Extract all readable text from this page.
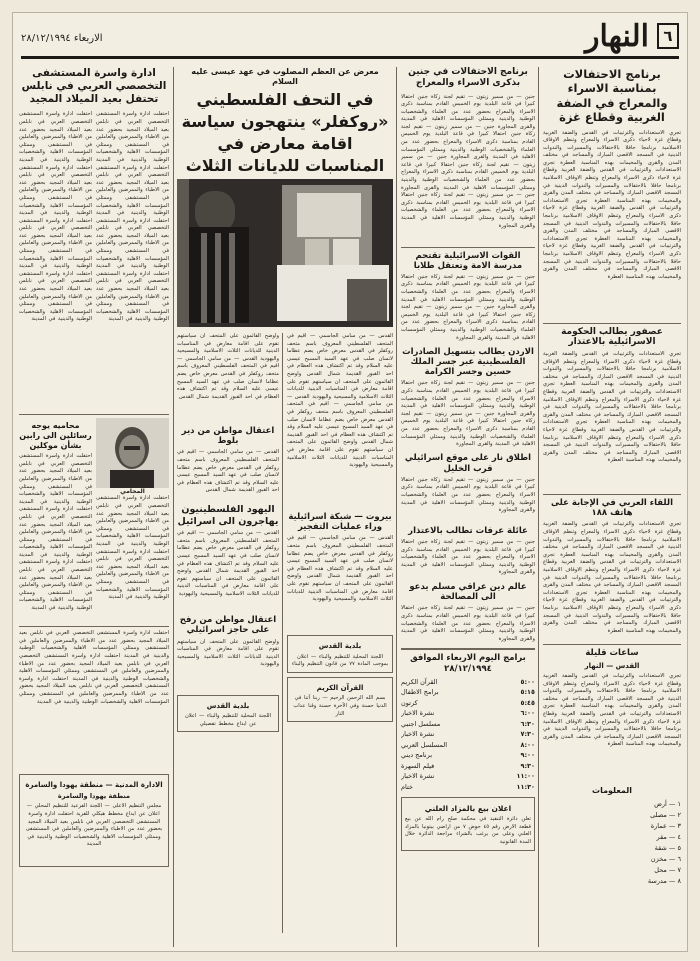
٦
النهار
الاربعاء ٢٨/١٢/١٩٩٤
برنامج الاحتفالات بمناسبة الاسراء والمعراج في الضفة الغربية وقطاع غزة
تجري الاستعدادات والترتيبات في القدس والضفة الغربية وقطاع غزة لاحياء ذكرى الاسراء والمعراج وتنظم الاوقاف الاسلامية برنامجا حافلا بالاحتفالات والمسيرات والندوات الدينية في المسجد الاقصى المبارك والمساجد في مختلف المدن والقرى والمخيمات بهذه المناسبة العطرة تجري الاستعدادات والترتيبات في القدس والضفة الغربية وقطاع غزة لاحياء ذكرى الاسراء والمعراج وتنظم الاوقاف الاسلامية برنامجا حافلا بالاحتفالات والمسيرات والندوات الدينية في المسجد الاقصى المبارك والمساجد في مختلف المدن والقرى والمخيمات بهذه المناسبة العطرة تجري الاستعدادات والترتيبات في القدس والضفة الغربية وقطاع غزة لاحياء ذكرى الاسراء والمعراج وتنظم الاوقاف الاسلامية برنامجا حافلا بالاحتفالات والمسيرات والندوات الدينية في المسجد الاقصى المبارك والمساجد في مختلف المدن والقرى والمخيمات بهذه المناسبة العطرة تجري الاستعدادات والترتيبات في القدس والضفة الغربية وقطاع غزة لاحياء ذكرى الاسراء والمعراج وتنظم الاوقاف الاسلامية برنامجا حافلا بالاحتفالات والمسيرات والندوات الدينية في المسجد الاقصى المبارك والمساجد في مختلف المدن والقرى والمخيمات بهذه المناسبة العطرة
عصفور يطالب الحكومة الاسرائيلية بالاعتذار
تجري الاستعدادات والترتيبات في القدس والضفة الغربية وقطاع غزة لاحياء ذكرى الاسراء والمعراج وتنظم الاوقاف الاسلامية برنامجا حافلا بالاحتفالات والمسيرات والندوات الدينية في المسجد الاقصى المبارك والمساجد في مختلف المدن والقرى والمخيمات بهذه المناسبة العطرة تجري الاستعدادات والترتيبات في القدس والضفة الغربية وقطاع غزة لاحياء ذكرى الاسراء والمعراج وتنظم الاوقاف الاسلامية برنامجا حافلا بالاحتفالات والمسيرات والندوات الدينية في المسجد الاقصى المبارك والمساجد في مختلف المدن والقرى والمخيمات بهذه المناسبة العطرة تجري الاستعدادات والترتيبات في القدس والضفة الغربية وقطاع غزة لاحياء ذكرى الاسراء والمعراج وتنظم الاوقاف الاسلامية برنامجا حافلا بالاحتفالات والمسيرات والندوات الدينية في المسجد الاقصى المبارك والمساجد في مختلف المدن والقرى والمخيمات بهذه المناسبة العطرة
اللقاء العربي في الإجابة على هاتف ١٨٨
تجري الاستعدادات والترتيبات في القدس والضفة الغربية وقطاع غزة لاحياء ذكرى الاسراء والمعراج وتنظم الاوقاف الاسلامية برنامجا حافلا بالاحتفالات والمسيرات والندوات الدينية في المسجد الاقصى المبارك والمساجد في مختلف المدن والقرى والمخيمات بهذه المناسبة العطرة تجري الاستعدادات والترتيبات في القدس والضفة الغربية وقطاع غزة لاحياء ذكرى الاسراء والمعراج وتنظم الاوقاف الاسلامية برنامجا حافلا بالاحتفالات والمسيرات والندوات الدينية في المسجد الاقصى المبارك والمساجد في مختلف المدن والقرى والمخيمات بهذه المناسبة العطرة تجري الاستعدادات والترتيبات في القدس والضفة الغربية وقطاع غزة لاحياء ذكرى الاسراء والمعراج وتنظم الاوقاف الاسلامية برنامجا حافلا بالاحتفالات والمسيرات والندوات الدينية في المسجد الاقصى المبارك والمساجد في مختلف المدن والقرى والمخيمات بهذه المناسبة العطرة
ساعات قليلة
القدس — النهار
تجري الاستعدادات والترتيبات في القدس والضفة الغربية وقطاع غزة لاحياء ذكرى الاسراء والمعراج وتنظم الاوقاف الاسلامية برنامجا حافلا بالاحتفالات والمسيرات والندوات الدينية في المسجد الاقصى المبارك والمساجد في مختلف المدن والقرى والمخيمات بهذه المناسبة العطرة تجري الاستعدادات والترتيبات في القدس والضفة الغربية وقطاع غزة لاحياء ذكرى الاسراء والمعراج وتنظم الاوقاف الاسلامية برنامجا حافلا بالاحتفالات والمسيرات والندوات الدينية في المسجد الاقصى المبارك والمساجد في مختلف المدن والقرى والمخيمات بهذه المناسبة العطرة
المعلومات
١ — أرض
٢ — مصلى
٣ — عمارة
٤ — مقر
٥ — شقة
٦ — مخزن
٧ — محل
٨ — مدرسة
برنامج الاحتفالات في جنين بذكرى الاسراء والمعراج
جنين — من سمير زيتون — تقيم لجنة زكاة جنين احتفالا كبيرا في قاعة البلدية يوم الخميس القادم بمناسبة ذكرى الاسراء والمعراج بحضور عدد من العلماء والشخصيات الوطنية والدينية وممثلي المؤسسات الاهلية في المدينة والقرى المجاورة جنين — من سمير زيتون — تقيم لجنة زكاة جنين احتفالا كبيرا في قاعة البلدية يوم الخميس القادم بمناسبة ذكرى الاسراء والمعراج بحضور عدد من العلماء والشخصيات الوطنية والدينية وممثلي المؤسسات الاهلية في المدينة والقرى المجاورة جنين — من سمير زيتون — تقيم لجنة زكاة جنين احتفالا كبيرا في قاعة البلدية يوم الخميس القادم بمناسبة ذكرى الاسراء والمعراج بحضور عدد من العلماء والشخصيات الوطنية والدينية وممثلي المؤسسات الاهلية في المدينة والقرى المجاورة جنين — من سمير زيتون — تقيم لجنة زكاة جنين احتفالا كبيرا في قاعة البلدية يوم الخميس القادم بمناسبة ذكرى الاسراء والمعراج بحضور عدد من العلماء والشخصيات الوطنية والدينية وممثلي المؤسسات الاهلية في المدينة والقرى المجاورة
القوات الاسرائيلية تقتحم مدرسة الامة وتعتقل طلابا
جنين — من سمير زيتون — تقيم لجنة زكاة جنين احتفالا كبيرا في قاعة البلدية يوم الخميس القادم بمناسبة ذكرى الاسراء والمعراج بحضور عدد من العلماء والشخصيات الوطنية والدينية وممثلي المؤسسات الاهلية في المدينة والقرى المجاورة جنين — من سمير زيتون — تقيم لجنة زكاة جنين احتفالا كبيرا في قاعة البلدية يوم الخميس القادم بمناسبة ذكرى الاسراء والمعراج بحضور عدد من العلماء والشخصيات الوطنية والدينية وممثلي المؤسسات الاهلية في المدينة والقرى المجاورة
الاردن يطالب بتسهيل الصادرات الفلسطينية عبر جسر الملك حسين وجسر الكرامة
جنين — من سمير زيتون — تقيم لجنة زكاة جنين احتفالا كبيرا في قاعة البلدية يوم الخميس القادم بمناسبة ذكرى الاسراء والمعراج بحضور عدد من العلماء والشخصيات الوطنية والدينية وممثلي المؤسسات الاهلية في المدينة والقرى المجاورة جنين — من سمير زيتون — تقيم لجنة زكاة جنين احتفالا كبيرا في قاعة البلدية يوم الخميس القادم بمناسبة ذكرى الاسراء والمعراج بحضور عدد من العلماء والشخصيات الوطنية والدينية وممثلي المؤسسات الاهلية في المدينة والقرى المجاورة
اطلاق نار على موقع اسرائيلي قرب الخليل
جنين — من سمير زيتون — تقيم لجنة زكاة جنين احتفالا كبيرا في قاعة البلدية يوم الخميس القادم بمناسبة ذكرى الاسراء والمعراج بحضور عدد من العلماء والشخصيات الوطنية والدينية وممثلي المؤسسات الاهلية في المدينة والقرى المجاورة
عائلة عرفات تطالب بالاعتذار
جنين — من سمير زيتون — تقيم لجنة زكاة جنين احتفالا كبيرا في قاعة البلدية يوم الخميس القادم بمناسبة ذكرى الاسراء والمعراج بحضور عدد من العلماء والشخصيات الوطنية والدينية وممثلي المؤسسات الاهلية في المدينة والقرى المجاورة
عالم دين عراقي مسلم يدعو الى المصالحة
جنين — من سمير زيتون — تقيم لجنة زكاة جنين احتفالا كبيرا في قاعة البلدية يوم الخميس القادم بمناسبة ذكرى الاسراء والمعراج بحضور عدد من العلماء والشخصيات الوطنية والدينية وممثلي المؤسسات الاهلية في المدينة والقرى المجاورة
برامج اليوم الاربعاء الموافق ٢٨/١٢/١٩٩٤
٥:٠٠
القرآن الكريم
٥:١٥
برامج الاطفال
٥:٤٥
كرتون
٦:٠٠
نشرة الاخبار
٦:٣٠
مسلسل اجنبي
٧:٣٠
نشرة الاخبار
٨:٠٠
المسلسل العربي
٩:٠٠
برنامج ديني
٩:٣٠
فيلم السهرة
١١:٠٠
نشرة الاخبار
١١:٣٠
ختام
اعلان بيع بالمزاد العلني
تعلن دائرة التنفيذ في محكمة صلح رام الله عن بيع قطعة الارض رقم ٤٥ حوض ٧ من اراضي بيتونيا بالمزاد العلني وعلى من يرغب بالشراء مراجعة الدائرة خلال المدة القانونية
معرض عن العظم المصلوب في عهد عيسى عليه السلام
في التحف الفلسطيني «روكفلر» ينتهجون سياسة اقامة معارض في المناسبات للديانات الثلاث
القدس — من سامي الجاسمي — اقيم في المتحف الفلسطيني المعروف باسم متحف روكفلر في القدس معرض خاص يضم عظاما لانسان صلب في عهد السيد المسيح عيسى عليه السلام وقد تم اكتشاف هذه العظام في احد القبور القديمة شمال القدس واوضح القائمون على المتحف ان سياستهم تقوم على اقامة معارض في المناسبات الدينية للديانات الثلاث الاسلامية والمسيحية واليهودية القدس — من سامي الجاسمي — اقيم في المتحف الفلسطيني المعروف باسم متحف روكفلر في القدس معرض خاص يضم عظاما لانسان صلب في عهد السيد المسيح عيسى عليه السلام وقد تم اكتشاف هذه العظام في احد القبور القديمة شمال القدس واوضح القائمون على المتحف ان سياستهم تقوم على اقامة معارض في المناسبات الدينية للديانات الثلاث الاسلامية والمسيحية واليهودية
بيروت — شبكة اسرائيلية وراء عمليات التفجير
القدس — من سامي الجاسمي — اقيم في المتحف الفلسطيني المعروف باسم متحف روكفلر في القدس معرض خاص يضم عظاما لانسان صلب في عهد السيد المسيح عيسى عليه السلام وقد تم اكتشاف هذه العظام في احد القبور القديمة شمال القدس واوضح القائمون على المتحف ان سياستهم تقوم على اقامة معارض في المناسبات الدينية للديانات الثلاث الاسلامية والمسيحية واليهودية
بلدية القدس
اللجنة المحلية للتنظيم والبناء — اعلان بموجب المادة ٧٧ من قانون التنظيم والبناء
القرآن الكريم
بسم الله الرحمن الرحيم — ربنا آتنا في الدنيا حسنة وفي الآخرة حسنة وقنا عذاب النار
واوضح القائمون على المتحف ان سياستهم تقوم على اقامة معارض في المناسبات الدينية للديانات الثلاث الاسلامية والمسيحية واليهودية القدس — من سامي الجاسمي — اقيم في المتحف الفلسطيني المعروف باسم متحف روكفلر في القدس معرض خاص يضم عظاما لانسان صلب في عهد السيد المسيح عيسى عليه السلام وقد تم اكتشاف هذه العظام في احد القبور القديمة شمال القدس
اعتقال مواطن من دير بلوط
القدس — من سامي الجاسمي — اقيم في المتحف الفلسطيني المعروف باسم متحف روكفلر في القدس معرض خاص يضم عظاما لانسان صلب في عهد السيد المسيح عيسى عليه السلام وقد تم اكتشاف هذه العظام في احد القبور القديمة شمال القدس
اليهود الفلسطينيون يهاجرون الى اسرائيل
القدس — من سامي الجاسمي — اقيم في المتحف الفلسطيني المعروف باسم متحف روكفلر في القدس معرض خاص يضم عظاما لانسان صلب في عهد السيد المسيح عيسى عليه السلام وقد تم اكتشاف هذه العظام في احد القبور القديمة شمال القدس واوضح القائمون على المتحف ان سياستهم تقوم على اقامة معارض في المناسبات الدينية للديانات الثلاث الاسلامية والمسيحية واليهودية
اعتقال مواطن من رفح على حاجز اسرائيلي
واوضح القائمون على المتحف ان سياستهم تقوم على اقامة معارض في المناسبات الدينية للديانات الثلاث الاسلامية والمسيحية واليهودية
بلدية القدس
اللجنة المحلية للتنظيم والبناء — اعلان عن ايداع مخطط تفصيلي
ادارة واسرة المستشفى التخصصي العربي في نابلس تحتفل بعيد الميلاد المجيد
احتفلت ادارة واسرة المستشفى التخصصي العربي في نابلس بعيد الميلاد المجيد بحضور عدد من الاطباء والممرضين والعاملين في المستشفى وممثلي المؤسسات الاهلية والشخصيات الوطنية والدينية في المدينة احتفلت ادارة واسرة المستشفى التخصصي العربي في نابلس بعيد الميلاد المجيد بحضور عدد من الاطباء والممرضين والعاملين في المستشفى وممثلي المؤسسات الاهلية والشخصيات الوطنية والدينية في المدينة احتفلت ادارة واسرة المستشفى التخصصي العربي في نابلس بعيد الميلاد المجيد بحضور عدد من الاطباء والممرضين والعاملين في المستشفى وممثلي المؤسسات الاهلية والشخصيات الوطنية والدينية في المدينة احتفلت ادارة واسرة المستشفى التخصصي العربي في نابلس بعيد الميلاد المجيد بحضور عدد من الاطباء والممرضين والعاملين في المستشفى وممثلي المؤسسات الاهلية والشخصيات الوطنية والدينية في المدينة
احتفلت ادارة واسرة المستشفى التخصصي العربي في نابلس بعيد الميلاد المجيد بحضور عدد من الاطباء والممرضين والعاملين في المستشفى وممثلي المؤسسات الاهلية والشخصيات الوطنية والدينية في المدينة احتفلت ادارة واسرة المستشفى التخصصي العربي في نابلس بعيد الميلاد المجيد بحضور عدد من الاطباء والممرضين والعاملين في المستشفى وممثلي المؤسسات الاهلية والشخصيات الوطنية والدينية في المدينة احتفلت ادارة واسرة المستشفى التخصصي العربي في نابلس بعيد الميلاد المجيد بحضور عدد من الاطباء والممرضين والعاملين في المستشفى وممثلي المؤسسات الاهلية والشخصيات الوطنية والدينية في المدينة احتفلت ادارة واسرة المستشفى التخصصي العربي في نابلس بعيد الميلاد المجيد بحضور عدد من الاطباء والممرضين والعاملين في المستشفى وممثلي المؤسسات الاهلية والشخصيات الوطنية والدينية في المدينة
المحامي
احتفلت ادارة واسرة المستشفى التخصصي العربي في نابلس بعيد الميلاد المجيد بحضور عدد من الاطباء والممرضين والعاملين في المستشفى وممثلي المؤسسات الاهلية والشخصيات الوطنية والدينية في المدينة احتفلت ادارة واسرة المستشفى التخصصي العربي في نابلس بعيد الميلاد المجيد بحضور عدد من الاطباء والممرضين والعاملين في المستشفى وممثلي المؤسسات الاهلية والشخصيات الوطنية والدينية في المدينة
محاميه يوجه رسائلين الى رابين بشأن موكلين
احتفلت ادارة واسرة المستشفى التخصصي العربي في نابلس بعيد الميلاد المجيد بحضور عدد من الاطباء والممرضين والعاملين في المستشفى وممثلي المؤسسات الاهلية والشخصيات الوطنية والدينية في المدينة احتفلت ادارة واسرة المستشفى التخصصي العربي في نابلس بعيد الميلاد المجيد بحضور عدد من الاطباء والممرضين والعاملين في المستشفى وممثلي المؤسسات الاهلية والشخصيات الوطنية والدينية في المدينة احتفلت ادارة واسرة المستشفى التخصصي العربي في نابلس بعيد الميلاد المجيد بحضور عدد من الاطباء والممرضين والعاملين في المستشفى وممثلي المؤسسات الاهلية والشخصيات الوطنية والدينية في المدينة
احتفلت ادارة واسرة المستشفى التخصصي العربي في نابلس بعيد الميلاد المجيد بحضور عدد من الاطباء والممرضين والعاملين في المستشفى وممثلي المؤسسات الاهلية والشخصيات الوطنية والدينية في المدينة احتفلت ادارة واسرة المستشفى التخصصي العربي في نابلس بعيد الميلاد المجيد بحضور عدد من الاطباء والممرضين والعاملين في المستشفى وممثلي المؤسسات الاهلية والشخصيات الوطنية والدينية في المدينة احتفلت ادارة واسرة المستشفى التخصصي العربي في نابلس بعيد الميلاد المجيد بحضور عدد من الاطباء والممرضين والعاملين في المستشفى وممثلي المؤسسات الاهلية والشخصيات الوطنية والدينية في المدينة
الادارة المدنية — منطقة يهودا والسامرة
منطقة يهودا والسامرة
مجلس التنظيم الاعلى — اللجنة الفرعية للتنظيم المحلي — اعلان عن ايداع مخطط هيكلي للقرية احتفلت ادارة واسرة المستشفى التخصصي العربي في نابلس بعيد الميلاد المجيد بحضور عدد من الاطباء والممرضين والعاملين في المستشفى وممثلي المؤسسات الاهلية والشخصيات الوطنية والدينية في المدينة
